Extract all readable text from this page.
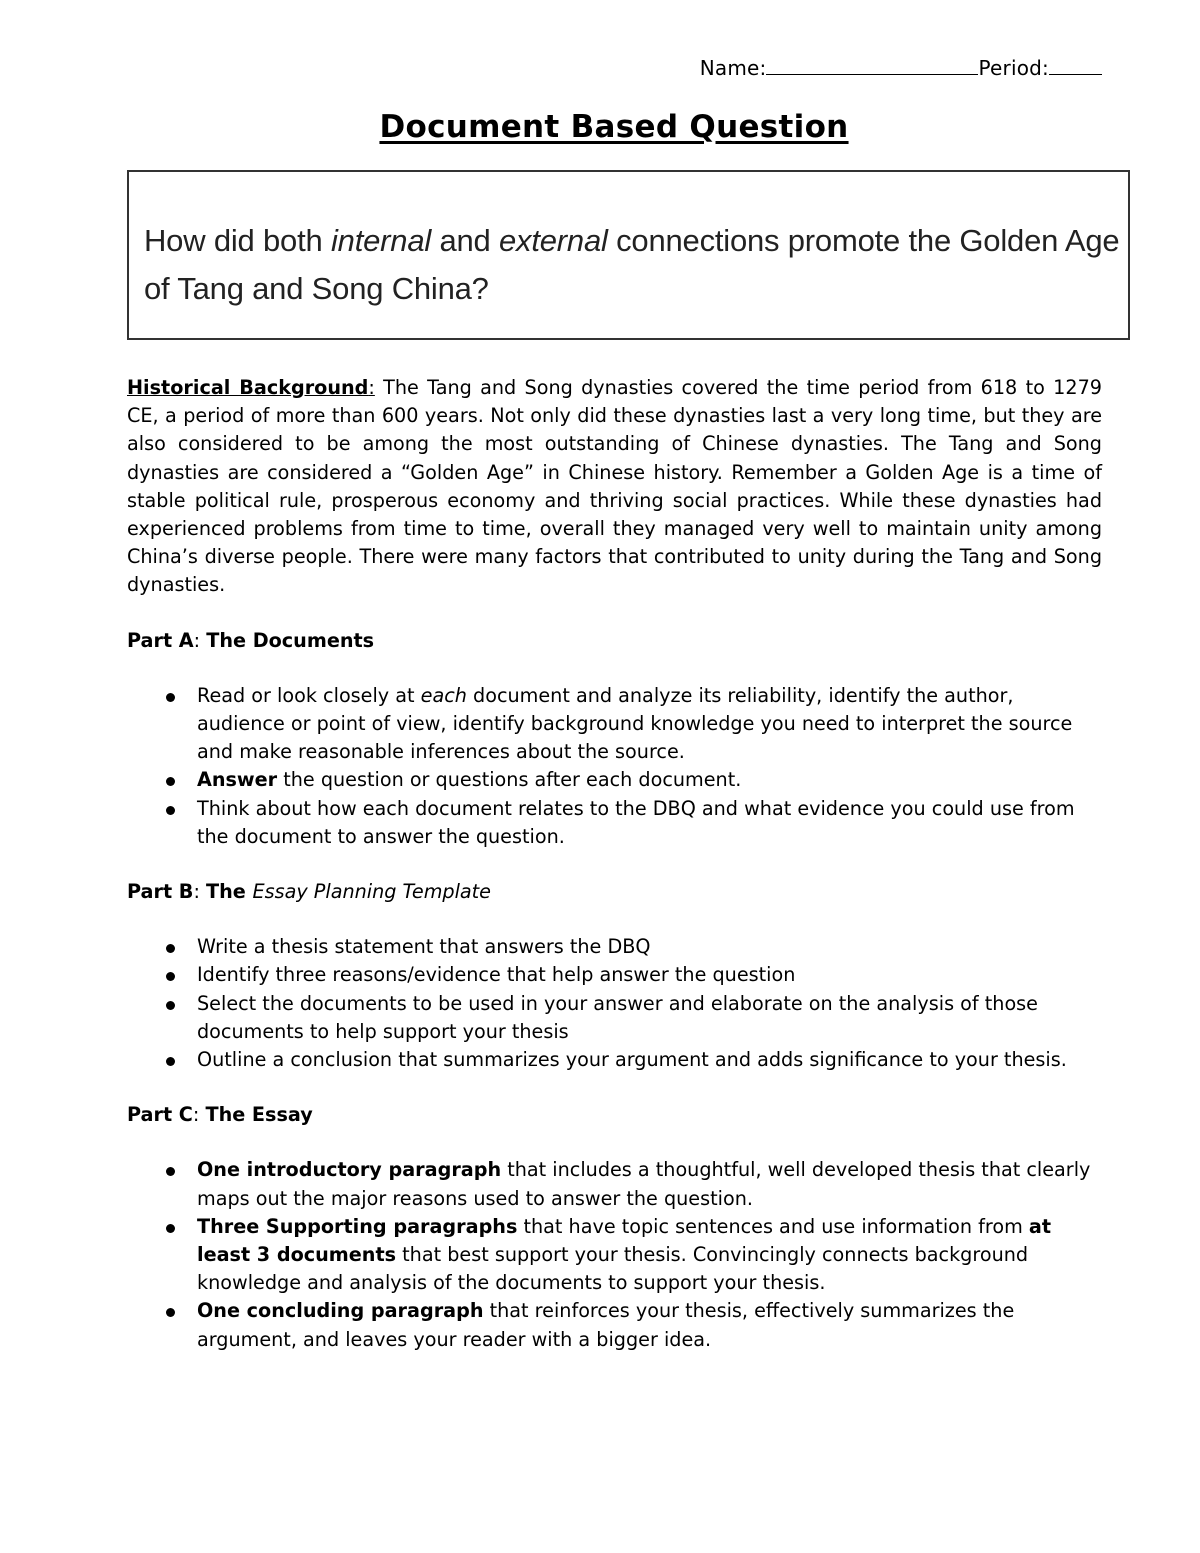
Name:	Period:
Document Based Question
How did both internal and external connections promote the Golden Age of Tang and Song China?

Historical Background: The Tang and Song dynasties covered the time period from 618 to 1279 CE, a period of more than 600 years. Not only did these dynasties last a very long time, but they are also considered to be among the most outstanding of Chinese dynasties. The Tang and Song dynasties are considered a “Golden Age” in Chinese history. Remember a Golden Age is a time of stable political rule, prosperous economy and thriving social practices. While these dynasties had experienced problems from time to time, overall they managed very well to maintain unity among China’s diverse people. There were many factors that contributed to unity during the Tang and Song dynasties.

Part A: The Documents
Read or look closely at each document and analyze its reliability, identify the author, audience or point of view, identify background knowledge you need to interpret the source and make reasonable inferences about the source.
Answer the question or questions after each document.
Think about how each document relates to the DBQ and what evidence you could use from the document to answer the question.
Part B: The Essay Planning Template
Write a thesis statement that answers the DBQ
Identify three reasons/evidence that help answer the question
Select the documents to be used in your answer and elaborate on the analysis of those documents to help support your thesis
Outline a conclusion that summarizes your argument and adds significance to your thesis.
Part C: The Essay
One introductory paragraph that includes a thoughtful, well developed thesis that clearly maps out the major reasons used to answer the question.
Three Supporting paragraphs that have topic sentences and use information from at least 3 documents that best support your thesis. Convincingly connects background knowledge and analysis of the documents to support your thesis.
One concluding paragraph that reinforces your thesis, effectively summarizes the argument, and leaves your reader with a bigger idea.
